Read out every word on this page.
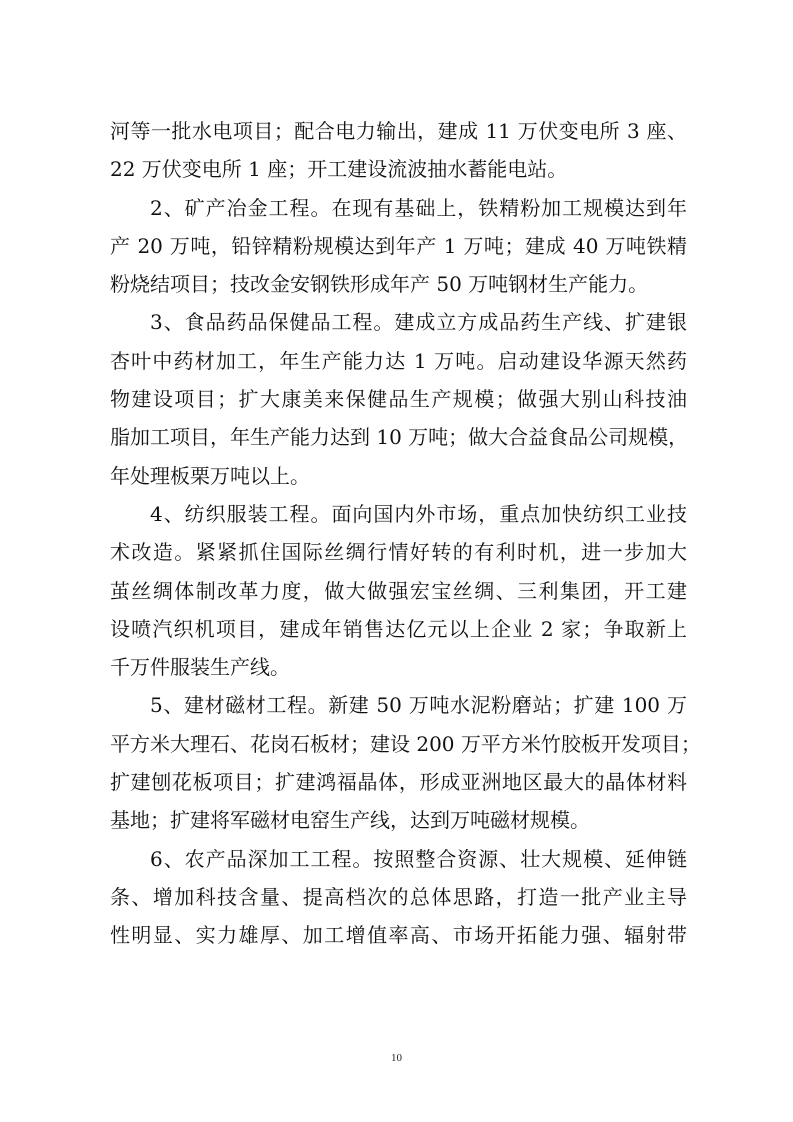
河等一批水电项目；配合电力输出，建成 11 万伏变电所 3 座、
22 万伏变电所 1 座；开工建设流波抽水蓄能电站。
2、矿产冶金工程。在现有基础上，铁精粉加工规模达到年
产 20 万吨，铅锌精粉规模达到年产 1 万吨；建成 40 万吨铁精
粉烧结项目；技改金安钢铁形成年产 50 万吨钢材生产能力。
3、食品药品保健品工程。建成立方成品药生产线、扩建银
杏叶中药材加工，年生产能力达 1 万吨。启动建设华源天然药
物建设项目；扩大康美来保健品生产规模；做强大别山科技油
脂加工项目，年生产能力达到 10 万吨；做大合益食品公司规模，
年处理板栗万吨以上。
4、纺织服装工程。面向国内外市场，重点加快纺织工业技
术改造。紧紧抓住国际丝绸行情好转的有利时机，进一步加大
茧丝绸体制改革力度，做大做强宏宝丝绸、三利集团，开工建
设喷汽织机项目，建成年销售达亿元以上企业 2 家；争取新上
千万件服装生产线。
5、建材磁材工程。新建 50 万吨水泥粉磨站；扩建 100 万
平方米大理石、花岗石板材；建设 200 万平方米竹胶板开发项目；
扩建刨花板项目；扩建鸿福晶体，形成亚洲地区最大的晶体材料
基地；扩建将军磁材电窑生产线，达到万吨磁材规模。
6、农产品深加工工程。按照整合资源、壮大规模、延伸链
条、增加科技含量、提高档次的总体思路，打造一批产业主导
性明显、实力雄厚、加工增值率高、市场开拓能力强、辐射带
10
